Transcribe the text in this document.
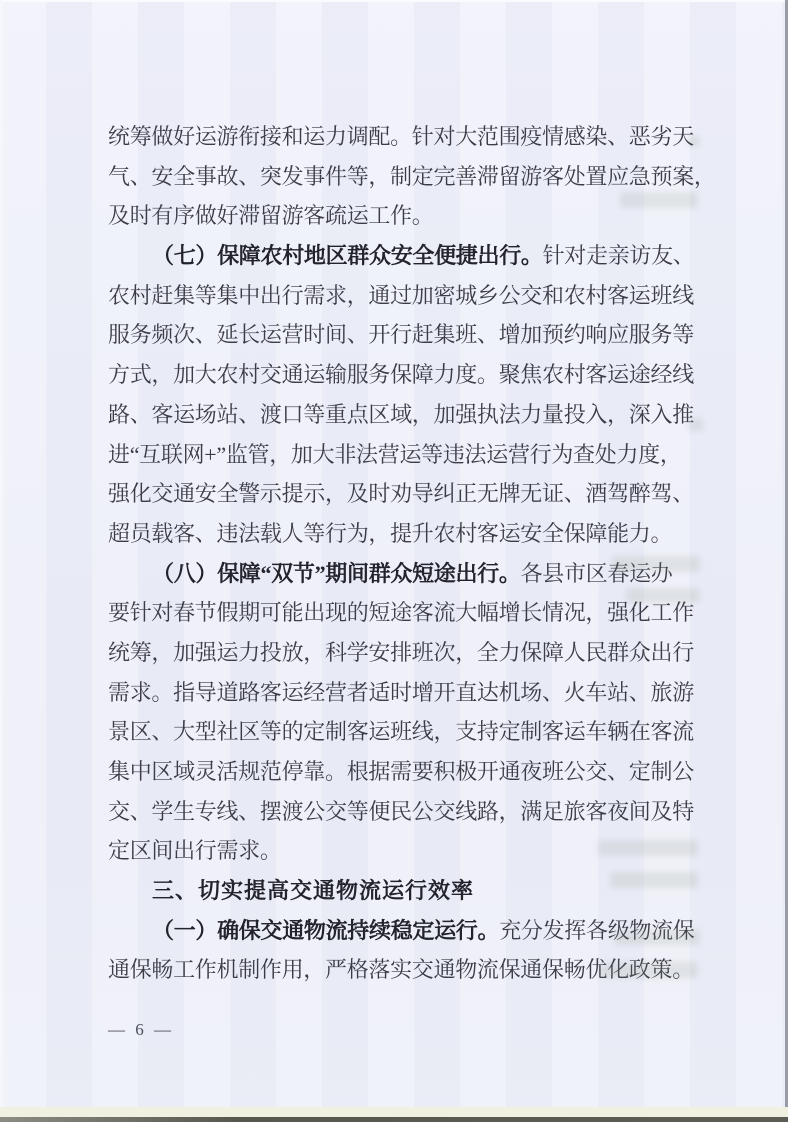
统筹做好运游衔接和运力调配。针对大范围疫情感染、恶劣天
气、安全事故、突发事件等，制定完善滞留游客处置应急预案，
及时有序做好滞留游客疏运工作。
（七）保障农村地区群众安全便捷出行。针对走亲访友、
农村赶集等集中出行需求，通过加密城乡公交和农村客运班线
服务频次、延长运营时间、开行赶集班、增加预约响应服务等
方式，加大农村交通运输服务保障力度。聚焦农村客运途经线
路、客运场站、渡口等重点区域，加强执法力量投入，深入推
进“互联网+”监管，加大非法营运等违法运营行为查处力度，
强化交通安全警示提示，及时劝导纠正无牌无证、酒驾醉驾、
超员载客、违法载人等行为，提升农村客运安全保障能力。
（八）保障“双节”期间群众短途出行。各县市区春运办
要针对春节假期可能出现的短途客流大幅增长情况，强化工作
统筹，加强运力投放，科学安排班次，全力保障人民群众出行
需求。指导道路客运经营者适时增开直达机场、火车站、旅游
景区、大型社区等的定制客运班线，支持定制客运车辆在客流
集中区域灵活规范停靠。根据需要积极开通夜班公交、定制公
交、学生专线、摆渡公交等便民公交线路，满足旅客夜间及特
定区间出行需求。
三、切实提高交通物流运行效率
（一）确保交通物流持续稳定运行。充分发挥各级物流保
通保畅工作机制作用，严格落实交通物流保通保畅优化政策。
— 6 —
